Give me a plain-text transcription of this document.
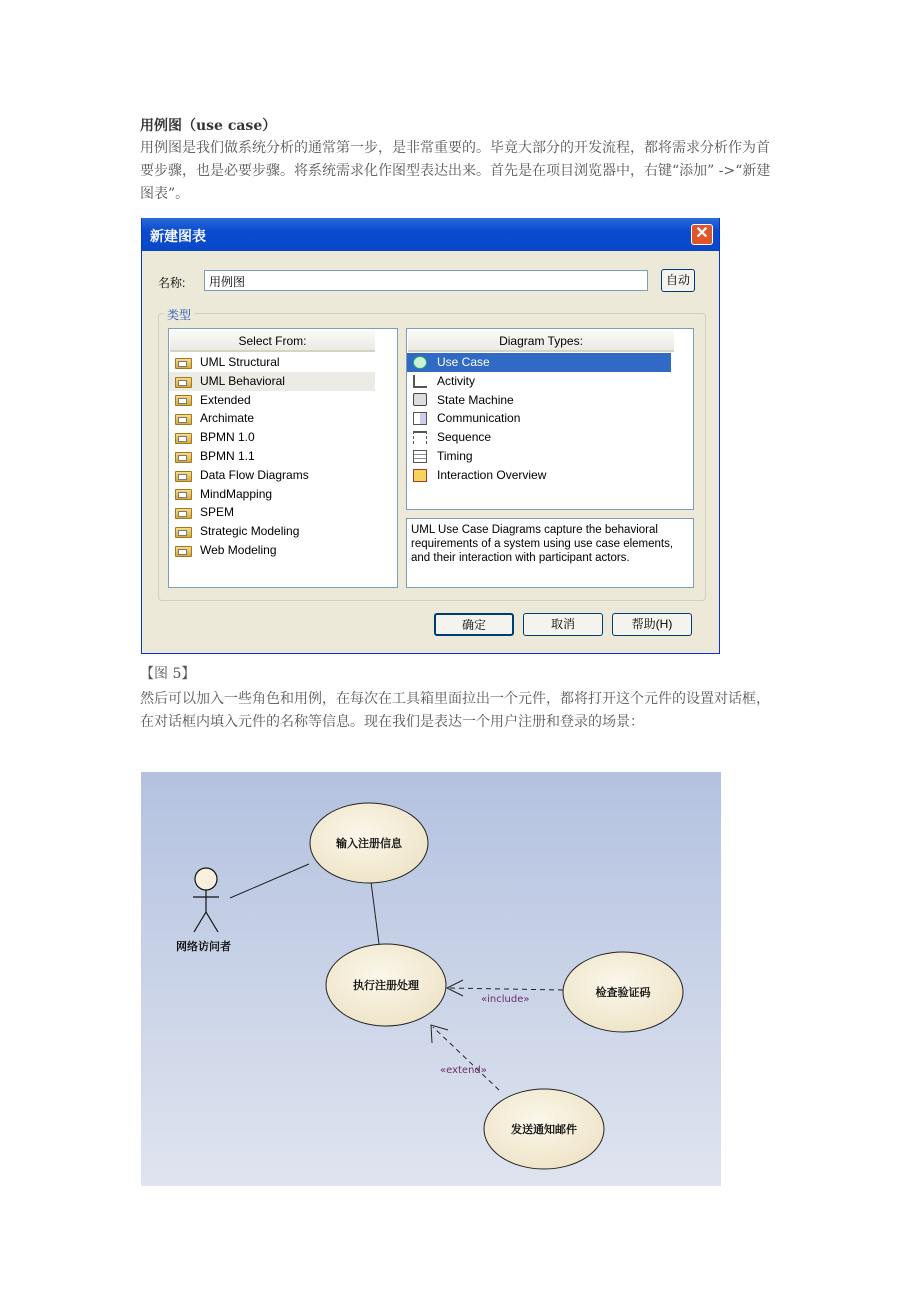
用例图（use case）

用例图是我们做系统分析的通常第一步，是非常重要的。毕竟大部分的开发流程，都将需求分析作为首要步骤，也是必要步骤。将系统需求化作图型表达出来。首先是在项目浏览器中，右键“添加” ->“新建图表”。

新建图表	✕
名称:	用例图	自动
类型
Select From:
UML Structural
UML Behavioral
Extended
Archimate
BPMN 1.0
BPMN 1.1
Data Flow Diagrams
MindMapping
SPEM
Strategic Modeling
Web Modeling
Diagram Types:
Use Case
Activity
State Machine
Communication
Sequence
Timing
Interaction Overview
UML Use Case Diagrams capture the behavioral requirements of a system using use case elements, and their interaction with participant actors.
确定	取消	帮助(H)
【图 5】

然后可以加入一些角色和用例，在每次在工具箱里面拉出一个元件，都将打开这个元件的设置对话框，在对话框内填入元件的名称等信息。现在我们是表达一个用户注册和登录的场景：

网络访问者
«include»
«extend»
输入注册信息
执行注册处理
检查验证码
发送通知邮件
